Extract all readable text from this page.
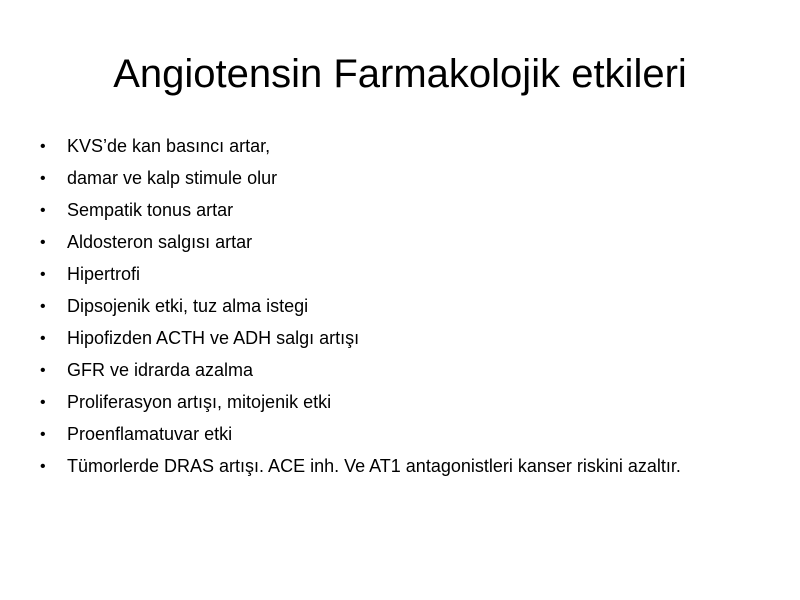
Angiotensin Farmakolojik etkileri
• KVS’de kan basıncı artar,
• damar ve kalp stimule olur
• Sempatik tonus artar
• Aldosteron salgısı artar
• Hipertrofi
• Dipsojenik etki, tuz alma istegi
• Hipofizden ACTH ve ADH salgı artışı
• GFR ve idrarda azalma
• Proliferasyon artışı, mitojenik etki
• Proenflamatuvar etki
• Tümorlerde DRAS artışı. ACE inh. Ve AT1 antagonistleri kanser riskini azaltır.
